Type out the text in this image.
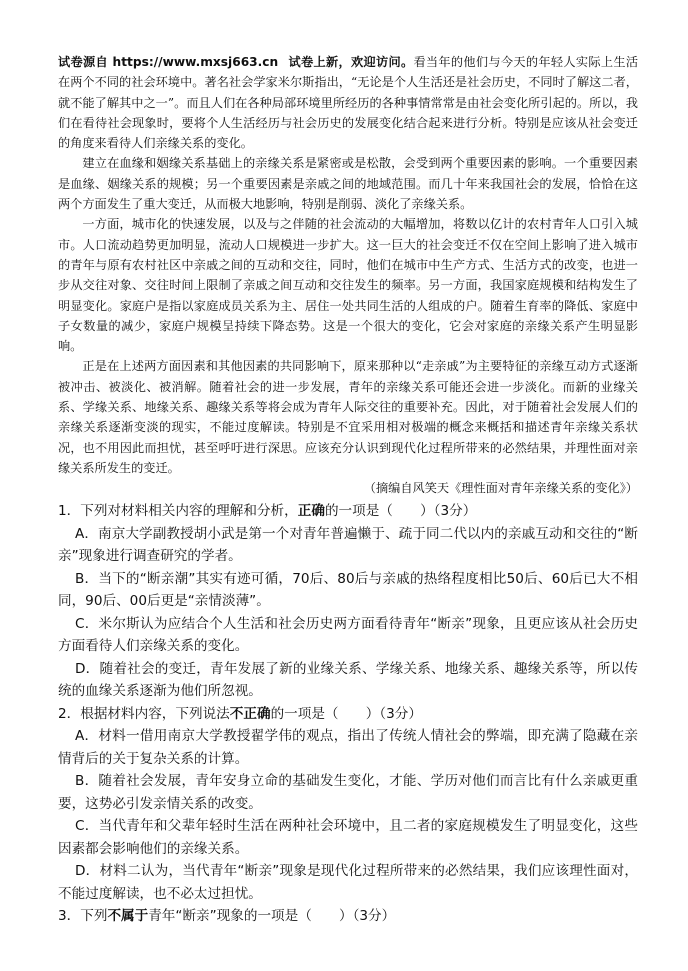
试卷源自 https://www.mxsj663.cn 试卷上新，欢迎访问。看当年的他们与今天的年轻人实际上生活在两个不同的社会环境中。著名社会学家米尔斯指出，“无论是个人生活还是社会历史，不同时了解这二者，就不能了解其中之一”。而且人们在各种局部环境里所经历的各种事情常常是由社会变化所引起的。所以，我们在看待社会现象时，要将个人生活经历与社会历史的发展变化结合起来进行分析。特别是应该从社会变迁的角度来看待人们亲缘关系的变化。

建立在血缘和姻缘关系基础上的亲缘关系是紧密或是松散，会受到两个重要因素的影响。一个重要因素是血缘、姻缘关系的规模；另一个重要因素是亲戚之间的地域范围。而几十年来我国社会的发展，恰恰在这两个方面发生了重大变迁，从而极大地影响，特别是削弱、淡化了亲缘关系。

一方面，城市化的快速发展，以及与之伴随的社会流动的大幅增加，将数以亿计的农村青年人口引入城市。人口流动趋势更加明显，流动人口规模进一步扩大。这一巨大的社会变迁不仅在空间上影响了进入城市的青年与原有农村社区中亲戚之间的互动和交往，同时，他们在城市中生产方式、生活方式的改变，也进一步从交往对象、交往时间上限制了亲戚之间互动和交往发生的频率。另一方面，我国家庭规模和结构发生了明显变化。家庭户是指以家庭成员关系为主、居住一处共同生活的人组成的户。随着生育率的降低、家庭中子女数量的减少，家庭户规模呈持续下降态势。这是一个很大的变化，它会对家庭的亲缘关系产生明显影响。

正是在上述两方面因素和其他因素的共同影响下，原来那种以“走亲戚”为主要特征的亲缘互动方式逐渐被冲击、被淡化、被消解。随着社会的进一步发展，青年的亲缘关系可能还会进一步淡化。而新的业缘关系、学缘关系、地缘关系、趣缘关系等将会成为青年人际交往的重要补充。因此，对于随着社会发展人们的亲缘关系逐渐变淡的现实，不能过度解读。特别是不宜采用相对极端的概念来概括和描述青年亲缘关系状况，也不用因此而担忧，甚至呼吁进行深思。应该充分认识到现代化过程所带来的必然结果，并理性面对亲缘关系所发生的变迁。

（摘编自风笑天《理性面对青年亲缘关系的变化》）

1．下列对材料相关内容的理解和分析，正确的一项是（　　）（3分）

A．南京大学副教授胡小武是第一个对青年普遍懒于、疏于同二代以内的亲戚互动和交往的“断亲”现象进行调查研究的学者。

B．当下的“断亲潮”其实有迹可循，70后、80后与亲戚的热络程度相比50后、60后已大不相同，90后、00后更是“亲情淡薄”。

C．米尔斯认为应结合个人生活和社会历史两方面看待青年“断亲”现象，且更应该从社会历史方面看待人们亲缘关系的变化。

D．随着社会的变迁，青年发展了新的业缘关系、学缘关系、地缘关系、趣缘关系等，所以传统的血缘关系逐渐为他们所忽视。

2．根据材料内容，下列说法不正确的一项是（　　）（3分）

A．材料一借用南京大学教授翟学伟的观点，指出了传统人情社会的弊端，即充满了隐藏在亲情背后的关于复杂关系的计算。

B．随着社会发展，青年安身立命的基础发生变化，才能、学历对他们而言比有什么亲戚更重要，这势必引发亲情关系的改变。

C．当代青年和父辈年轻时生活在两种社会环境中，且二者的家庭规模发生了明显变化，这些因素都会影响他们的亲缘关系。

D．材料二认为，当代青年“断亲”现象是现代化过程所带来的必然结果，我们应该理性面对，不能过度解读，也不必太过担忧。

3．下列不属于青年“断亲”现象的一项是（　　）（3分）
